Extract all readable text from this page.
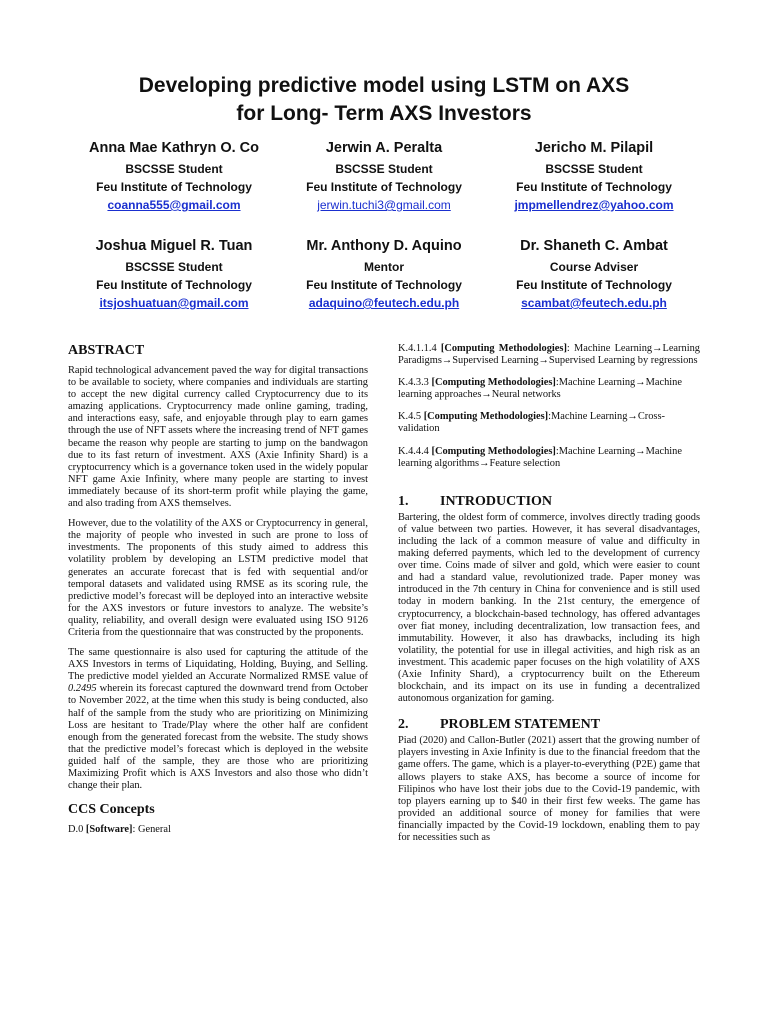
Developing predictive model using LSTM on AXS
for Long- Term AXS Investors
Anna Mae Kathryn O. Co
BSCSSE Student
Feu Institute of Technology
coanna555@gmail.com
Jerwin A. Peralta
BSCSSE Student
Feu Institute of Technology
jerwin.tuchi3@gmail.com
Jericho M. Pilapil
BSCSSE Student
Feu Institute of Technology
jmpmellendrez@yahoo.com
Joshua Miguel R. Tuan
BSCSSE Student
Feu Institute of Technology
itsjoshuatuan@gmail.com
Mr. Anthony D. Aquino
Mentor
Feu Institute of Technology
adaquino@feutech.edu.ph
Dr. Shaneth C. Ambat
Course Adviser
Feu Institute of Technology
scambat@feutech.edu.ph
ABSTRACT

Rapid technological advancement paved the way for digital transactions to be available to society, where companies and individuals are starting to accept the new digital currency called Cryptocurrency due to its amazing applications. Cryptocurrency made online gaming, trading, and interactions easy, safe, and enjoyable through play to earn games through the use of NFT assets where the increasing trend of NFT games became the reason why people are starting to jump on the bandwagon due to its fast return of investment. AXS (Axie Infinity Shard) is a cryptocurrency which is a governance token used in the widely popular NFT game Axie Infinity, where many people are starting to invest immediately because of its short-term profit while playing the game, and also trading from AXS themselves.

However, due to the volatility of the AXS or Cryptocurrency in general, the majority of people who invested in such are prone to loss of investments. The proponents of this study aimed to address this volatility problem by developing an LSTM predictive model that generates an accurate forecast that is fed with sequential and/or temporal datasets and validated using RMSE as its scoring rule, the predictive model’s forecast will be deployed into an interactive website for the AXS investors or future investors to analyze. The website’s quality, reliability, and overall design were evaluated using ISO 9126 Criteria from the questionnaire that was constructed by the proponents.

The same questionnaire is also used for capturing the attitude of the AXS Investors in terms of Liquidating, Holding, Buying, and Selling. The predictive model yielded an Accurate Normalized RMSE value of 0.2495 wherein its forecast captured the downward trend from October to November 2022, at the time when this study is being conducted, also half of the sample from the study who are prioritizing on Minimizing Loss are hesitant to Trade/Play where the other half are confident enough from the generated forecast from the website. The study shows that the predictive model’s forecast which is deployed in the website guided half of the sample, they are those who are prioritizing Maximizing Profit which is AXS Investors and also those who didn’t change their plan.

CCS Concepts
D.0 [Software]: General
K.4.1.1.4 [Computing Methodologies]: Machine Learning→Learning Paradigms→Supervised Learning→Supervised Learning by regressions
K.4.3.3 [Computing Methodologies]:Machine Learning→Machine learning approaches→Neural networks
K.4.5 [Computing Methodologies]:Machine Learning→Cross-validation
K.4.4.4 [Computing Methodologies]:Machine Learning→Machine learning algorithms→Feature selection
1. INTRODUCTION

Bartering, the oldest form of commerce, involves directly trading goods of value between two parties. However, it has several disadvantages, including the lack of a common measure of value and difficulty in making deferred payments, which led to the development of currency over time. Coins made of silver and gold, which were easier to count and had a standard value, revolutionized trade. Paper money was introduced in the 7th century in China for convenience and is still used today in modern banking. In the 21st century, the emergence of cryptocurrency, a blockchain-based technology, has offered advantages over fiat money, including decentralization, low transaction fees, and immutability. However, it also has drawbacks, including its high volatility, the potential for use in illegal activities, and high risk as an investment. This academic paper focuses on the high volatility of AXS (Axie Infinity Shard), a cryptocurrency built on the Ethereum blockchain, and its impact on its use in funding a decentralized autonomous organization for gaming.

2. PROBLEM STATEMENT

Piad (2020) and Callon-Butler (2021) assert that the growing number of players investing in Axie Infinity is due to the financial freedom that the game offers. The game, which is a player-to-everything (P2E) game that allows players to stake AXS, has become a source of income for Filipinos who have lost their jobs due to the Covid-19 pandemic, with top players earning up to $40 in their first few weeks. The game has provided an additional source of money for families that were financially impacted by the Covid-19 lockdown, enabling them to pay for necessities such as
